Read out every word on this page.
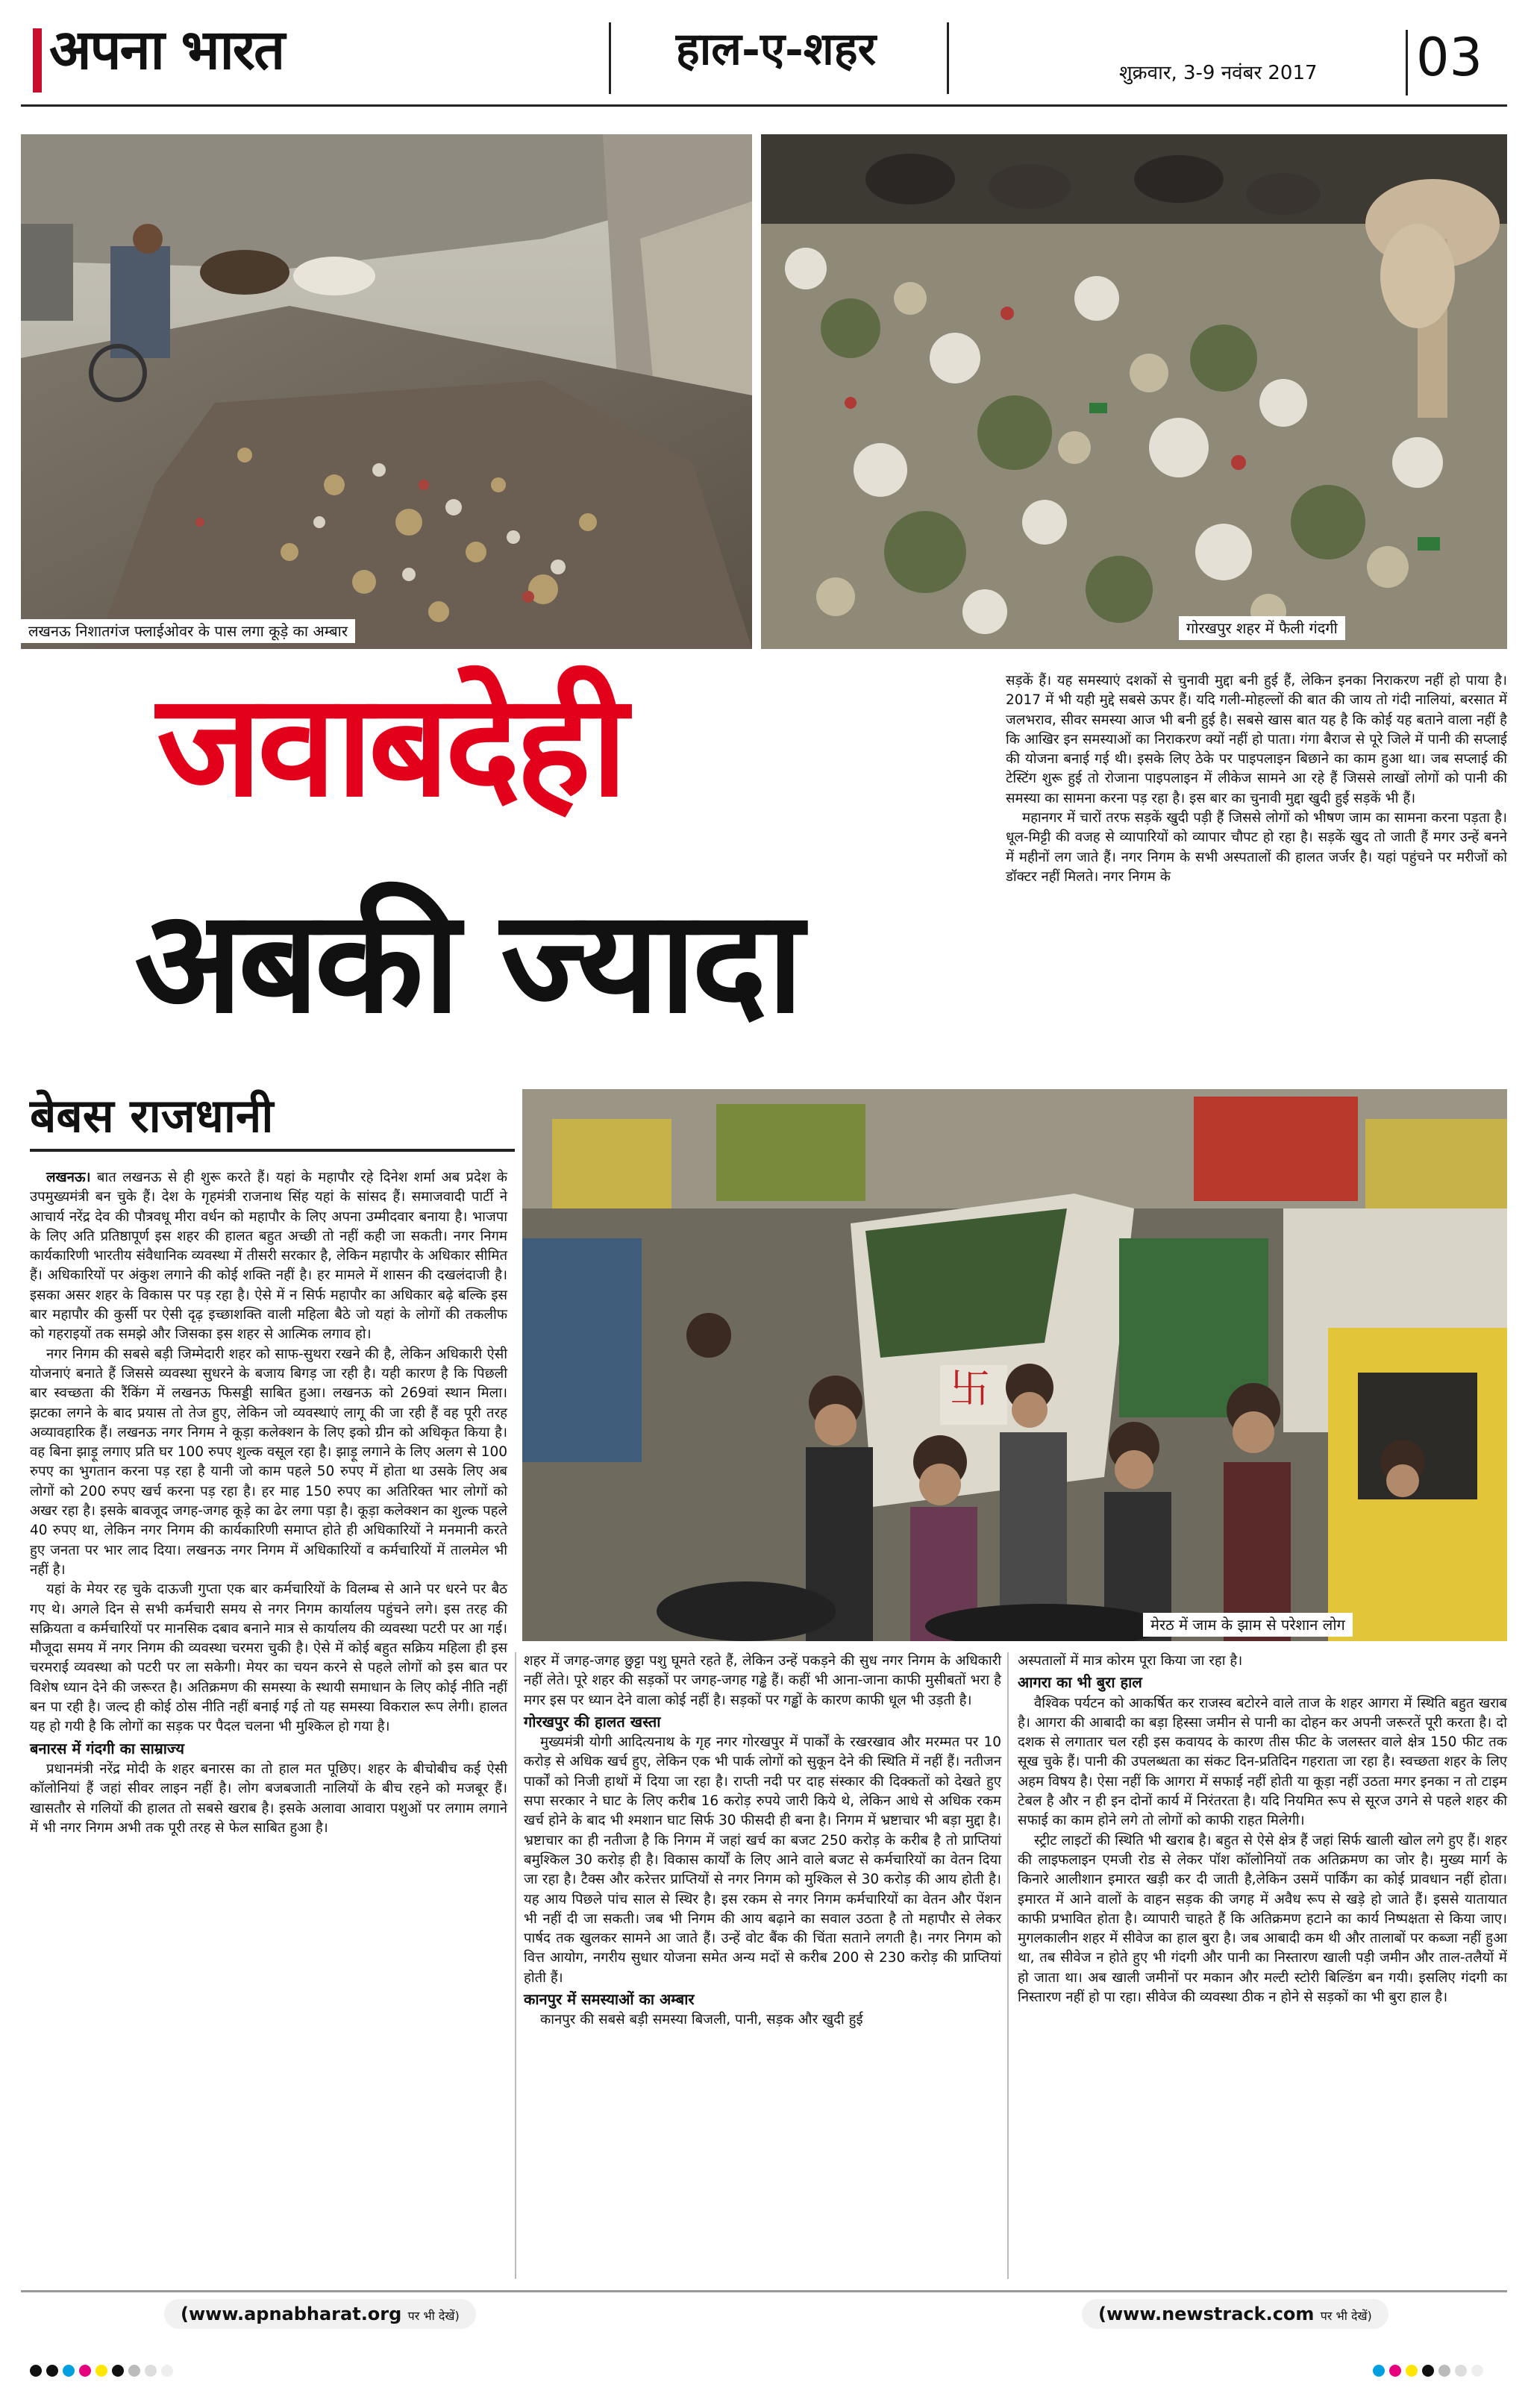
अपना भारत	हाल-ए-शहर	शुक्रवार, 3-9 नवंबर 2017 03
लखनऊ निशातगंज फ्लाईओवर के पास लगा कूड़े का अम्बार	गोरखपुर शहर में फैली गंदगी
जवाबदेही
अबकी ज्यादा

सड़कें हैं। यह समस्याएं दशकों से चुनावी मुद्दा बनी हुई हैं, लेकिन इनका निराकरण नहीं हो पाया है। 2017 में भी यही मुद्दे सबसे ऊपर हैं। यदि गली-मोहल्लों की बात की जाय तो गंदी नालियां, बरसात में जलभराव, सीवर समस्या आज भी बनी हुई है। सबसे खास बात यह है कि कोई यह बताने वाला नहीं है कि आखिर इन समस्याओं का निराकरण क्यों नहीं हो पाता। गंगा बैराज से पूरे जिले में पानी की सप्लाई की योजना बनाई गई थी। इसके लिए ठेके पर पाइपलाइन बिछाने का काम हुआ था। जब सप्लाई की टेस्टिंग शुरू हुई तो रोजाना पाइपलाइन में लीकेज सामने आ रहे हैं जिससे लाखों लोगों को पानी की समस्या का सामना करना पड़ रहा है। इस बार का चुनावी मुद्दा खुदी हुई सड़कें भी हैं।

महानगर में चारों तरफ सड़कें खुदी पड़ी हैं जिससे लोगों को भीषण जाम का सामना करना पड़ता है। धूल-मिट्टी की वजह से व्यापारियों को व्यापार चौपट हो रहा है। सड़कें खुद तो जाती हैं मगर उन्हें बनने में महीनों लग जाते हैं। नगर निगम के सभी अस्पतालों की हालत जर्जर है। यहां पहुंचने पर मरीजों को डॉक्टर नहीं मिलते। नगर निगम के

बेबस राजधानी
卐
मेरठ में जाम के झाम से परेशान लोग

लखनऊ। बात लखनऊ से ही शुरू करते हैं। यहां के महापौर रहे दिनेश शर्मा अब प्रदेश के उपमुख्यमंत्री बन चुके हैं। देश के गृहमंत्री राजनाथ सिंह यहां के सांसद हैं। समाजवादी पार्टी ने आचार्य नरेंद्र देव की पौत्रवधू मीरा वर्धन को महापौर के लिए अपना उम्मीदवार बनाया है। भाजपा के लिए अति प्रतिष्ठापूर्ण इस शहर की हालत बहुत अच्छी तो नहीं कही जा सकती। नगर निगम कार्यकारिणी भारतीय संवैधानिक व्यवस्था में तीसरी सरकार है, लेकिन महापौर के अधिकार सीमित हैं। अधिकारियों पर अंकुश लगाने की कोई शक्ति नहीं है। हर मामले में शासन की दखलंदाजी है। इसका असर शहर के विकास पर पड़ रहा है। ऐसे में न सिर्फ महापौर का अधिकार बढ़े बल्कि इस बार महापौर की कुर्सी पर ऐसी दृढ़ इच्छाशक्ति वाली महिला बैठे जो यहां के लोगों की तकलीफ को गहराइयों तक समझे और जिसका इस शहर से आत्मिक लगाव हो।

नगर निगम की सबसे बड़ी जिम्मेदारी शहर को साफ-सुथरा रखने की है, लेकिन अधिकारी ऐसी योजनाएं बनाते हैं जिससे व्यवस्था सुधरने के बजाय बिगड़ जा रही है। यही कारण है कि पिछली बार स्वच्छता की रैंकिंग में लखनऊ फिसड्डी साबित हुआ। लखनऊ को 269वां स्थान मिला। झटका लगने के बाद प्रयास तो तेज हुए, लेकिन जो व्यवस्थाएं लागू की जा रही हैं वह पूरी तरह अव्यावहारिक हैं। लखनऊ नगर निगम ने कूड़ा कलेक्शन के लिए इको ग्रीन को अधिकृत किया है। वह बिना झाड़ू लगाए प्रति घर 100 रुपए शुल्क वसूल रहा है। झाड़ू लगाने के लिए अलग से 100 रुपए का भुगतान करना पड़ रहा है यानी जो काम पहले 50 रुपए में होता था उसके लिए अब लोगों को 200 रुपए खर्च करना पड़ रहा है। हर माह 150 रुपए का अतिरिक्त भार लोगों को अखर रहा है। इसके बावजूद जगह-जगह कूड़े का ढेर लगा पड़ा है। कूड़ा कलेक्शन का शुल्क पहले 40 रुपए था, लेकिन नगर निगम की कार्यकारिणी समाप्त होते ही अधिकारियों ने मनमानी करते हुए जनता पर भार लाद दिया। लखनऊ नगर निगम में अधिकारियों व कर्मचारियों में तालमेल भी नहीं है।

यहां के मेयर रह चुके दाऊजी गुप्ता एक बार कर्मचारियों के विलम्ब से आने पर धरने पर बैठ गए थे। अगले दिन से सभी कर्मचारी समय से नगर निगम कार्यालय पहुंचने लगे। इस तरह की सक्रियता व कर्मचारियों पर मानसिक दबाव बनाने मात्र से कार्यालय की व्यवस्था पटरी पर आ गई। मौजूदा समय में नगर निगम की व्यवस्था चरमरा चुकी है। ऐसे में कोई बहुत सक्रिय महिला ही इस चरमराई व्यवस्था को पटरी पर ला सकेगी। मेयर का चयन करने से पहले लोगों को इस बात पर विशेष ध्यान देने की जरूरत है। अतिक्रमण की समस्या के स्थायी समाधान के लिए कोई नीति नहीं बन पा रही है। जल्द ही कोई ठोस नीति नहीं बनाई गई तो यह समस्या विकराल रूप लेगी। हालत यह हो गयी है कि लोगों का सड़क पर पैदल चलना भी मुश्किल हो गया है।

बनारस में गंदगी का साम्राज्य

प्रधानमंत्री नरेंद्र मोदी के शहर बनारस का तो हाल मत पूछिए। शहर के बीचोबीच कई ऐसी कॉलोनियां हैं जहां सीवर लाइन नहीं है। लोग बजबजाती नालियों के बीच रहने को मजबूर हैं। खासतौर से गलियों की हालत तो सबसे खराब है। इसके अलावा आवारा पशुओं पर लगाम लगाने में भी नगर निगम अभी तक पूरी तरह से फेल साबित हुआ है।

शहर में जगह-जगह छुट्टा पशु घूमते रहते हैं, लेकिन उन्हें पकड़ने की सुध नगर निगम के अधिकारी नहीं लेते। पूरे शहर की सड़कों पर जगह-जगह गड्ढे हैं। कहीं भी आना-जाना काफी मुसीबतों भरा है मगर इस पर ध्यान देने वाला कोई नहीं है। सड़कों पर गड्ढों के कारण काफी धूल भी उड़ती है।

गोरखपुर की हालत खस्ता

मुख्यमंत्री योगी आदित्यनाथ के गृह नगर गोरखपुर में पार्कों के रखरखाव और मरम्मत पर 10 करोड़ से अधिक खर्च हुए, लेकिन एक भी पार्क लोगों को सुकून देने की स्थिति में नहीं हैं। नतीजन पार्कों को निजी हाथों में दिया जा रहा है। राप्ती नदी पर दाह संस्कार की दिक्कतों को देखते हुए सपा सरकार ने घाट के लिए करीब 16 करोड़ रुपये जारी किये थे, लेकिन आधे से अधिक रकम खर्च होने के बाद भी श्मशान घाट सिर्फ 30 फीसदी ही बना है। निगम में भ्रष्टाचार भी बड़ा मुद्दा है। भ्रष्टाचार का ही नतीजा है कि निगम में जहां खर्च का बजट 250 करोड़ के करीब है तो प्राप्तियां बमुश्किल 30 करोड़ ही है। विकास कार्यों के लिए आने वाले बजट से कर्मचारियों का वेतन दिया जा रहा है। टैक्स और करेत्तर प्राप्तियों से नगर निगम को मुश्किल से 30 करोड़ की आय होती है। यह आय पिछले पांच साल से स्थिर है। इस रकम से नगर निगम कर्मचारियों का वेतन और पेंशन भी नहीं दी जा सकती। जब भी निगम की आय बढ़ाने का सवाल उठता है तो महापौर से लेकर पार्षद तक खुलकर सामने आ जाते हैं। उन्हें वोट बैंक की चिंता सताने लगती है। नगर निगम को वित्त आयोग, नगरीय सुधार योजना समेत अन्य मदों से करीब 200 से 230 करोड़ की प्राप्तियां होती हैं।

कानपुर में समस्याओं का अम्बार

कानपुर की सबसे बड़ी समस्या बिजली, पानी, सड़क और खुदी हुई

अस्पतालों में मात्र कोरम पूरा किया जा रहा है।

आगरा का भी बुरा हाल

वैश्विक पर्यटन को आकर्षित कर राजस्व बटोरने वाले ताज के शहर आगरा में स्थिति बहुत खराब है। आगरा की आबादी का बड़ा हिस्सा जमीन से पानी का दोहन कर अपनी जरूरतें पूरी करता है। दो दशक से लगातार चल रही इस कवायद के कारण तीस फीट के जलस्तर वाले क्षेत्र 150 फीट तक सूख चुके हैं। पानी की उपलब्धता का संकट दिन-प्रतिदिन गहराता जा रहा है। स्वच्छता शहर के लिए अहम विषय है। ऐसा नहीं कि आगरा में सफाई नहीं होती या कूड़ा नहीं उठता मगर इनका न तो टाइम टेबल है और न ही इन दोनों कार्य में निरंतरता है। यदि नियमित रूप से सूरज उगने से पहले शहर की सफाई का काम होने लगे तो लोगों को काफी राहत मिलेगी।

स्ट्रीट लाइटों की स्थिति भी खराब है। बहुत से ऐसे क्षेत्र हैं जहां सिर्फ खाली खोल लगे हुए हैं। शहर की लाइफलाइन एमजी रोड से लेकर पॉश कॉलोनियों तक अतिक्रमण का जोर है। मुख्य मार्ग के किनारे आलीशान इमारत खड़ी कर दी जाती है,लेकिन उसमें पार्किंग का कोई प्रावधान नहीं होता। इमारत में आने वालों के वाहन सड़क की जगह में अवैध रूप से खड़े हो जाते हैं। इससे यातायात काफी प्रभावित होता है। व्यापारी चाहते हैं कि अतिक्रमण हटाने का कार्य निष्पक्षता से किया जाए। मुगलकालीन शहर में सीवेज का हाल बुरा है। जब आबादी कम थी और तालाबों पर कब्जा नहीं हुआ था, तब सीवेज न होते हुए भी गंदगी और पानी का निस्तारण खाली पड़ी जमीन और ताल-तलैयों में हो जाता था। अब खाली जमीनों पर मकान और मल्टी स्टोरी बिल्डिंग बन गयी। इसलिए गंदगी का निस्तारण नहीं हो पा रहा। सीवेज की व्यवस्था ठीक न होने से सड़कों का भी बुरा हाल है।

(www.apnabharat.org पर भी देखें)	(www.newstrack.com पर भी देखें)
